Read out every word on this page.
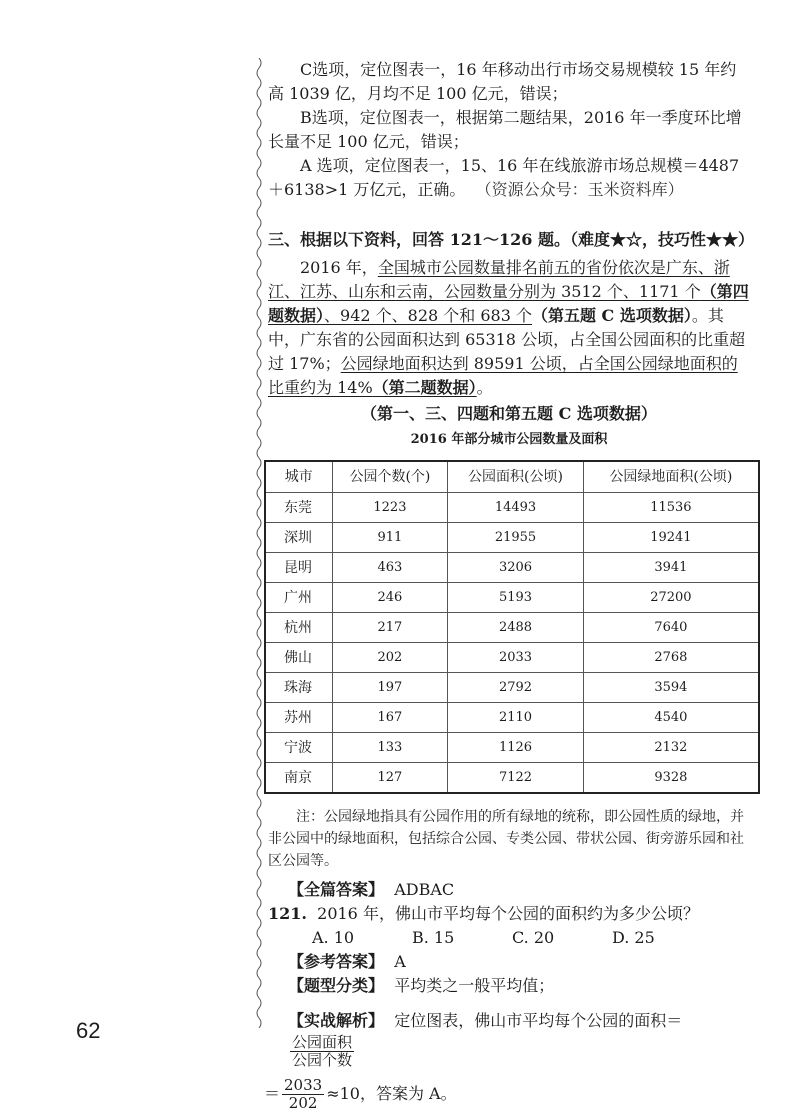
C选项，定位图表一，16 年移动出行市场交易规模较 15 年约高 1039 亿，月均不足 100 亿元，错误；

B选项，定位图表一，根据第二题结果，2016 年一季度环比增长量不足 100 亿元，错误；

A 选项，定位图表一，15、16 年在线旅游市场总规模＝4487＋6138>1 万亿元，正确。 （资源公众号：玉米资料库）

三、根据以下资料，回答 121～126 题。（难度★☆，技巧性★★）

2016 年，全国城市公园数量排名前五的省份依次是广东、浙江、江苏、山东和云南，公园数量分别为 3512 个、1171 个（第四题数据）、942 个、828 个和 683 个（第五题 C 选项数据）。其中，广东省的公园面积达到 65318 公顷，占全国公园面积的比重超过 17%；公园绿地面积达到 89591 公顷，占全国公园绿地面积的比重约为 14%（第二题数据）。

（第一、三、四题和第五题 C 选项数据）

2016 年部分城市公园数量及面积

城市	公园个数(个)	公园面积(公顷)	公园绿地面积(公顷)
东莞	1223	14493	11536
深圳	911	21955	19241
昆明	463	3206	3941
广州	246	5193	27200
杭州	217	2488	7640
佛山	202	2033	2768
珠海	197	2792	3594
苏州	167	2110	4540
宁波	133	1126	2132
南京	127	7122	9328

注：公园绿地指具有公园作用的所有绿地的统称，即公园性质的绿地，并非公园中的绿地面积，包括综合公园、专类公园、带状公园、街旁游乐园和社区公园等。

【全篇答案】 ADBAC

121. 2016 年，佛山市平均每个公园的面积约为多少公顷？

A. 10	B. 15	C. 20	D. 25

【参考答案】 A

【题型分类】 平均类之一般平均值；

【实战解析】 定位图表，佛山市平均每个公园的面积＝
$\frac{\text{公园面积}}{\text{公园个数}}$

＝ $\frac{2033}{202} \approx 10$，答案为 A。

62
